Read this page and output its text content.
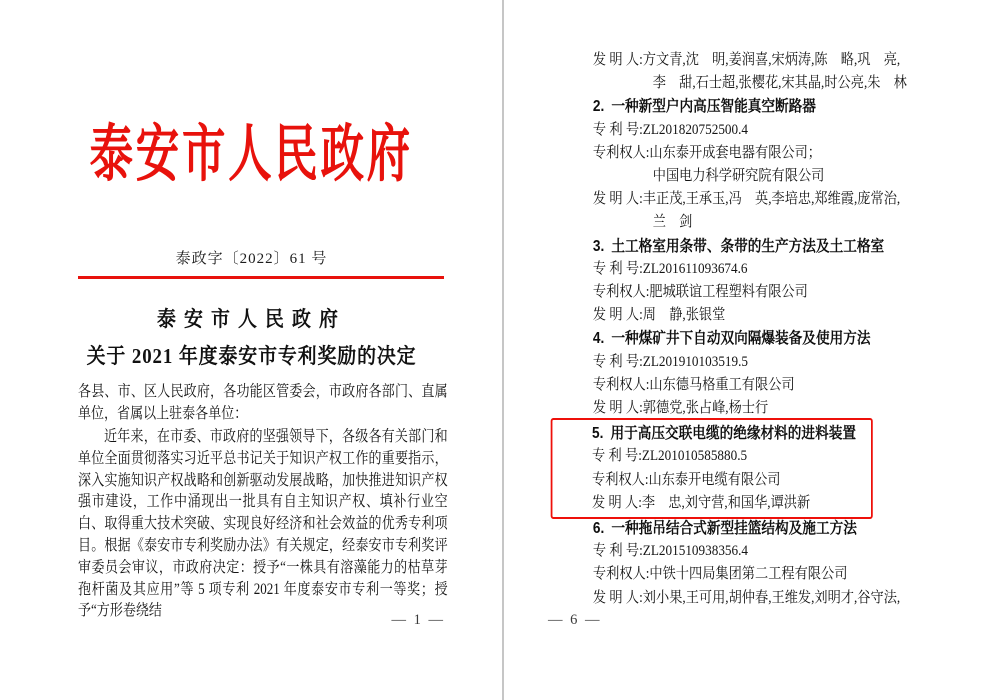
泰安市人民政府
泰政字〔2022〕61 号
泰安市人民政府
关于 2021 年度泰安市专利奖励的决定
各县、市、区人民政府，各功能区管委会，市政府各部门、直属单位，省属以上驻泰各单位：

近年来，在市委、市政府的坚强领导下，各级各有关部门和单位全面贯彻落实习近平总书记关于知识产权工作的重要指示，深入实施知识产权战略和创新驱动发展战略，加快推进知识产权强市建设，工作中涌现出一批具有自主知识产权、填补行业空白、取得重大技术突破、实现良好经济和社会效益的优秀专利项目。根据《泰安市专利奖励办法》有关规定，经泰安市专利奖评审委员会审议，市政府决定：授予“一株具有溶藻能力的枯草芽孢杆菌及其应用”等 5 项专利 2021 年度泰安市专利一等奖；授予“方形卷绕结

— 1 —
发 明 人:方文青,沈　明,姜润喜,宋炳涛,陈　略,巩　亮,
李　甜,石士超,张樱花,宋其晶,时公亮,朱　林
2. 一种新型户内高压智能真空断路器
专 利 号:ZL201820752500.4
专利权人:山东泰开成套电器有限公司；
中国电力科学研究院有限公司
发 明 人:丰正茂,王承玉,冯　英,李培忠,郑维霞,庞常治,
兰　剑
3. 土工格室用条带、条带的生产方法及土工格室
专 利 号:ZL201611093674.6
专利权人:肥城联谊工程塑料有限公司
发 明 人:周　静,张银堂
4. 一种煤矿井下自动双向隔爆装备及使用方法
专 利 号:ZL201910103519.5
专利权人:山东德马格重工有限公司
发 明 人:郭德党,张占峰,杨士行
5. 用于高压交联电缆的绝缘材料的进料装置
专 利 号:ZL201010585880.5
专利权人:山东泰开电缆有限公司
发 明 人:李　忠,刘守营,和国华,谭洪新
6. 一种拖吊结合式新型挂篮结构及施工方法
专 利 号:ZL201510938356.4
专利权人:中铁十四局集团第二工程有限公司
发 明 人:刘小果,王可用,胡仲春,王维发,刘明才,谷守法,
— 6 —
